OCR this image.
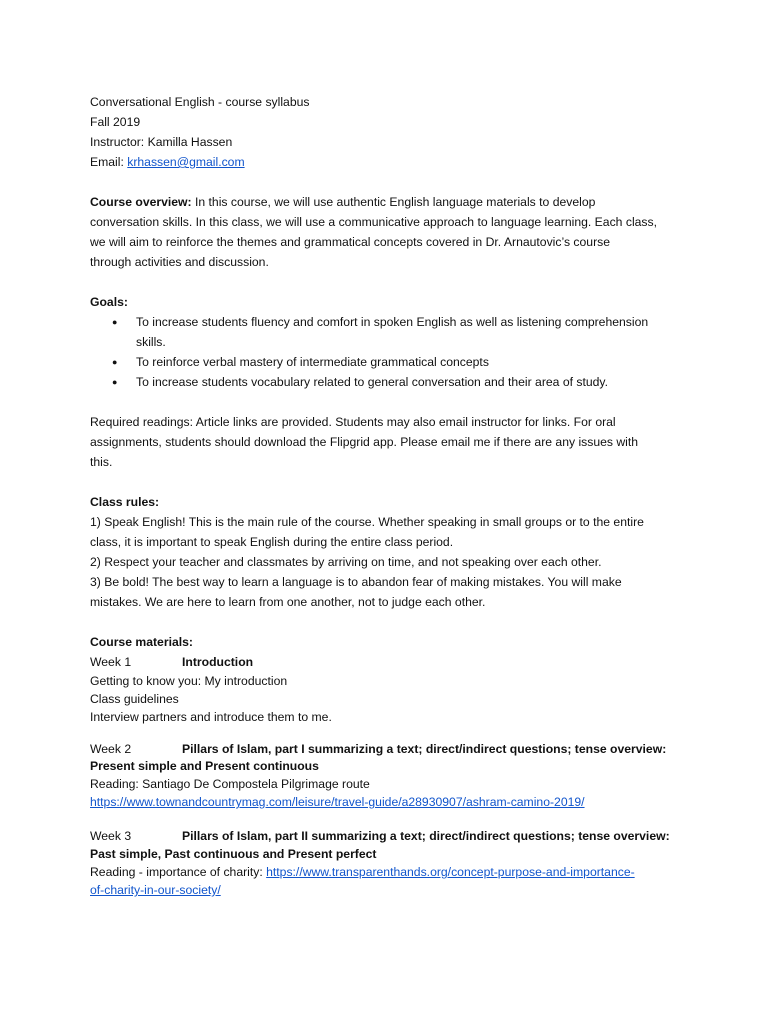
Conversational English - course syllabus
Fall 2019
Instructor: Kamilla Hassen
Email: krhassen@gmail.com
Course overview: In this course, we will use authentic English language materials to develop
conversation skills. In this class, we will use a communicative approach to language learning. Each class,
we will aim to reinforce the themes and grammatical concepts covered in Dr. Arnautovic’s course
through activities and discussion.
Goals:
● To increase students fluency and comfort in spoken English as well as listening comprehension
skills.
● To reinforce verbal mastery of intermediate grammatical concepts
● To increase students vocabulary related to general conversation and their area of study.
Required readings: Article links are provided. Students may also email instructor for links. For oral
assignments, students should download the Flipgrid app. Please email me if there are any issues with
this.
Class rules:
1) Speak English! This is the main rule of the course. Whether speaking in small groups or to the entire
class, it is important to speak English during the entire class period.
2) Respect your teacher and classmates by arriving on time, and not speaking over each other.
3) Be bold! The best way to learn a language is to abandon fear of making mistakes. You will make
mistakes. We are here to learn from one another, not to judge each other.
Course materials:
Week 1	Introduction
Getting to know you: My introduction
Class guidelines
Interview partners and introduce them to me.
Week 2	Pillars of Islam, part I summarizing a text; direct/indirect questions; tense overview:
Present simple and Present continuous
Reading: Santiago De Compostela Pilgrimage route
https://www.townandcountrymag.com/leisure/travel-guide/a28930907/ashram-camino-2019/
Week 3	Pillars of Islam, part II summarizing a text; direct/indirect questions; tense overview:
Past simple, Past continuous and Present perfect
Reading - importance of charity: https://www.transparenthands.org/concept-purpose-and-importance-
of-charity-in-our-society/
